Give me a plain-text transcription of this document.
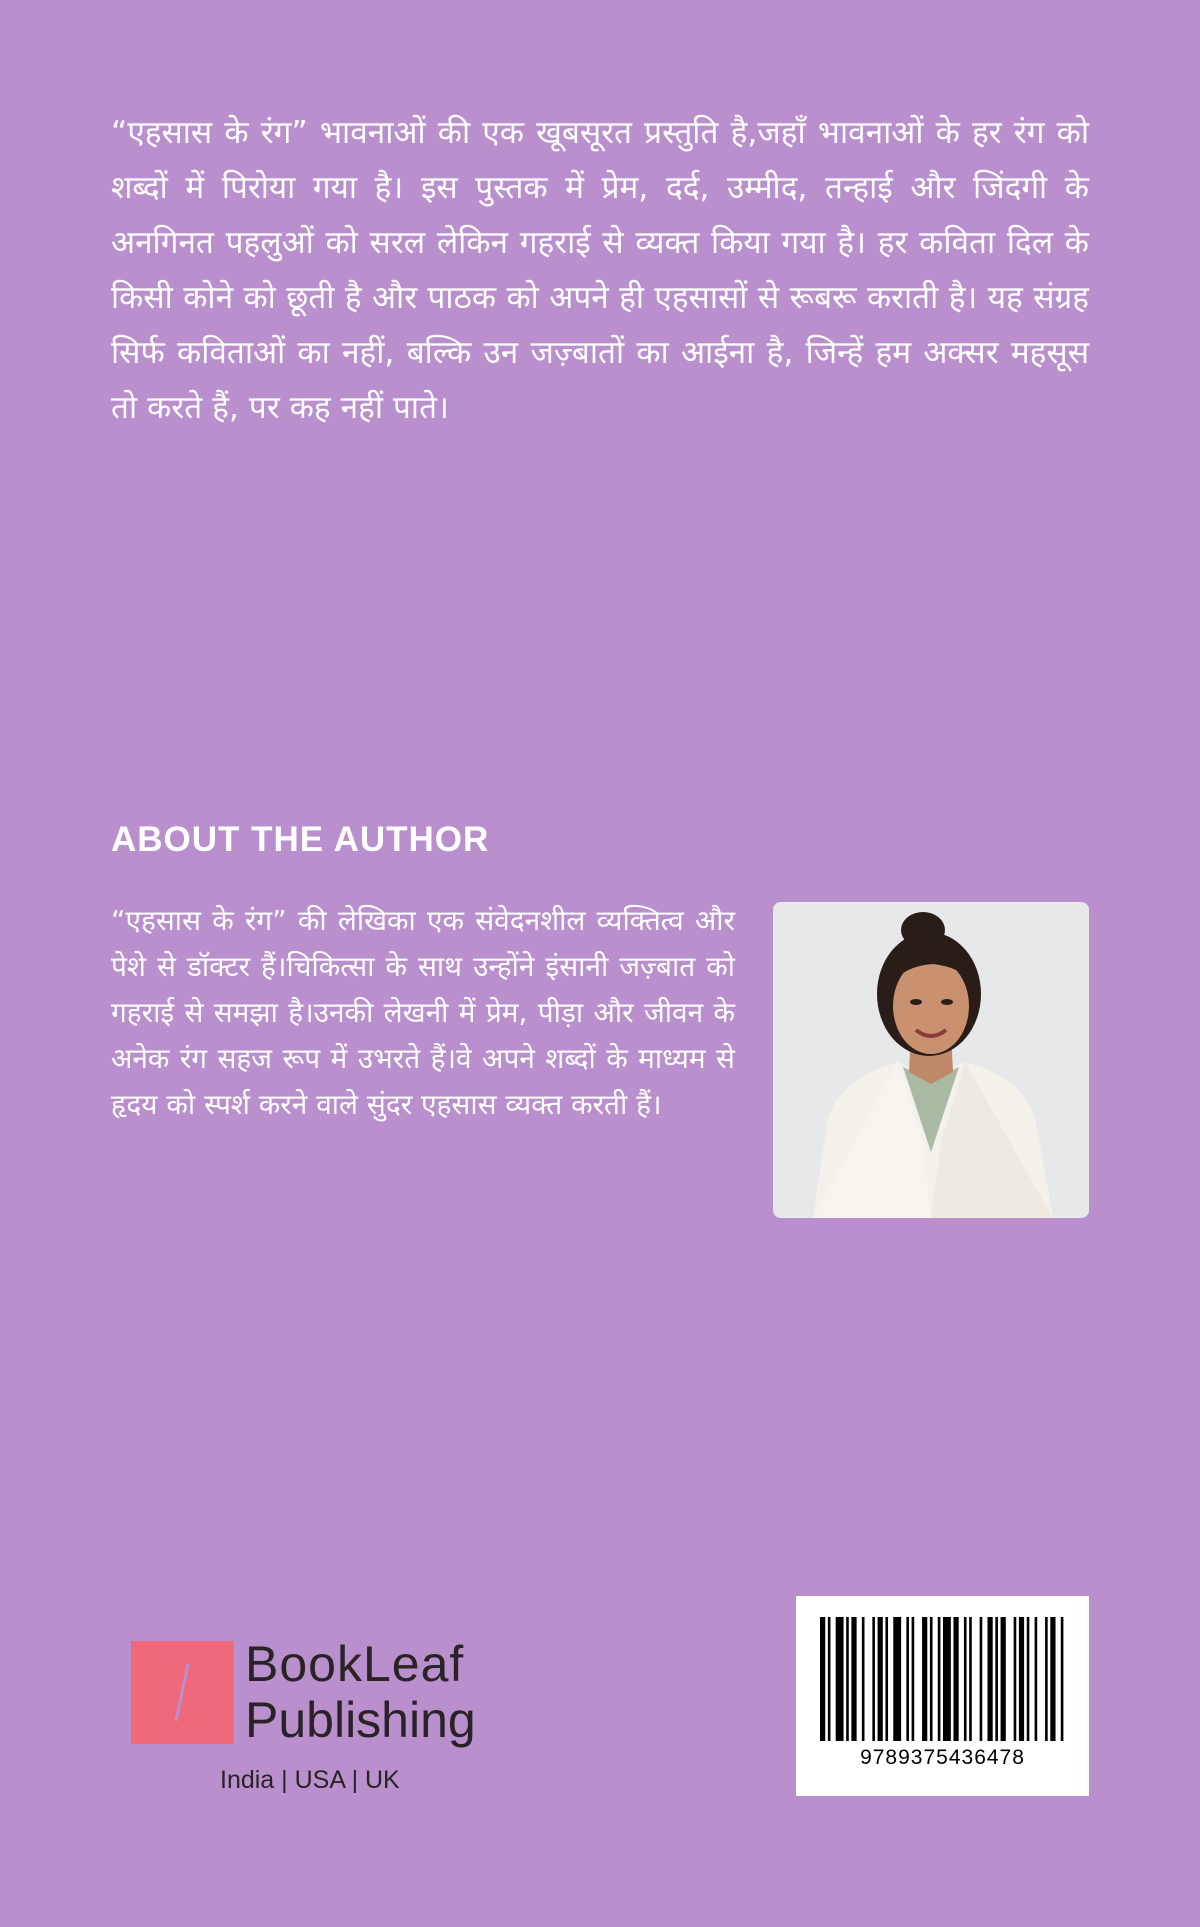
“एहसास के रंग” भावनाओं की एक खूबसूरत प्रस्तुति है,जहाँ भावनाओं के हर रंग को शब्दों में पिरोया गया है। इस पुस्तक में प्रेम, दर्द, उम्मीद, तन्हाई और जिंदगी के अनगिनत पहलुओं को सरल लेकिन गहराई से व्यक्त किया गया है। हर कविता दिल के किसी कोने को छूती है और पाठक को अपने ही एहसासों से रूबरू कराती है। यह संग्रह सिर्फ कविताओं का नहीं, बल्कि उन जज़्बातों का आईना है, जिन्हें हम अक्सर महसूस तो करते हैं, पर कह नहीं पाते।
ABOUT THE AUTHOR
“एहसास के रंग” की लेखिका एक संवेदनशील व्यक्तित्व और पेशे से डॉक्टर हैं।चिकित्सा के साथ उन्होंने इंसानी जज़्बात को गहराई से समझा है।उनकी लेखनी में प्रेम, पीड़ा और जीवन के अनेक रंग सहज रूप में उभरते हैं।वे अपने शब्दों के माध्यम से हृदय को स्पर्श करने वाले सुंदर एहसास व्यक्त करती हैं।
BookLeaf
Publishing
India | USA | UK
9789375436478
